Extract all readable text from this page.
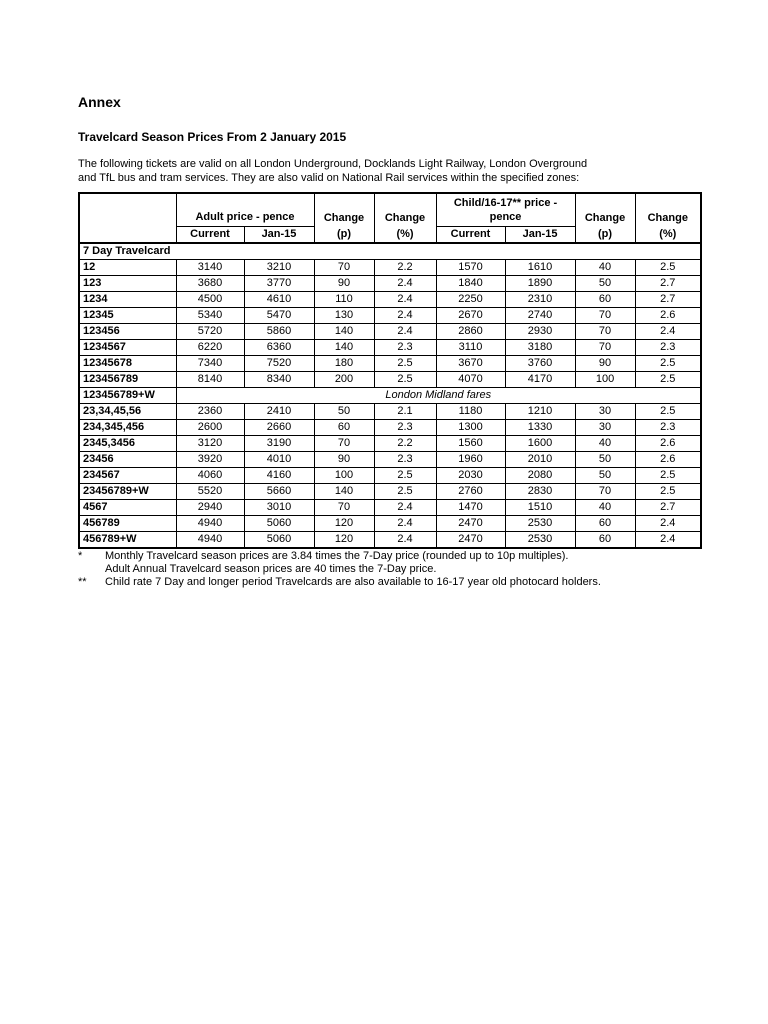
Annex
Travelcard Season Prices From 2 January 2015
The following tickets are valid on all London Underground, Docklands Light Railway, London Overground
and TfL bus and tram services. They are also valid on National Rail services within the specified zones:
	Adult price - pence		Change	Change	Child/16-17** price - pence		Change	Change
	Current	Jan-15	(p)	(%)	Current	Jan-15	(p)	(%)
7 Day Travelcard								
12	3140	3210	70	2.2	1570	1610	40	2.5
123	3680	3770	90	2.4	1840	1890	50	2.7
1234	4500	4610	110	2.4	2250	2310	60	2.7
12345	5340	5470	130	2.4	2670	2740	70	2.6
123456	5720	5860	140	2.4	2860	2930	70	2.4
1234567	6220	6360	140	2.3	3110	3180	70	2.3
12345678	7340	7520	180	2.5	3670	3760	90	2.5
123456789	8140	8340	200	2.5	4070	4170	100	2.5
123456789+W	London Midland fares							
23,34,45,56	2360	2410	50	2.1	1180	1210	30	2.5
234,345,456	2600	2660	60	2.3	1300	1330	30	2.3
2345,3456	3120	3190	70	2.2	1560	1600	40	2.6
23456	3920	4010	90	2.3	1960	2010	50	2.6
234567	4060	4160	100	2.5	2030	2080	50	2.5
23456789+W	5520	5660	140	2.5	2760	2830	70	2.5
4567	2940	3010	70	2.4	1470	1510	40	2.7
456789	4940	5060	120	2.4	2470	2530	60	2.4
456789+W	4940	5060	120	2.4	2470	2530	60	2.4
*	Monthly Travelcard season prices are 3.84 times the 7-Day price (rounded up to 10p multiples).
Adult Annual Travelcard season prices are 40 times the 7-Day price.
**	Child rate 7 Day and longer period Travelcards are also available to 16-17 year old photocard holders.
